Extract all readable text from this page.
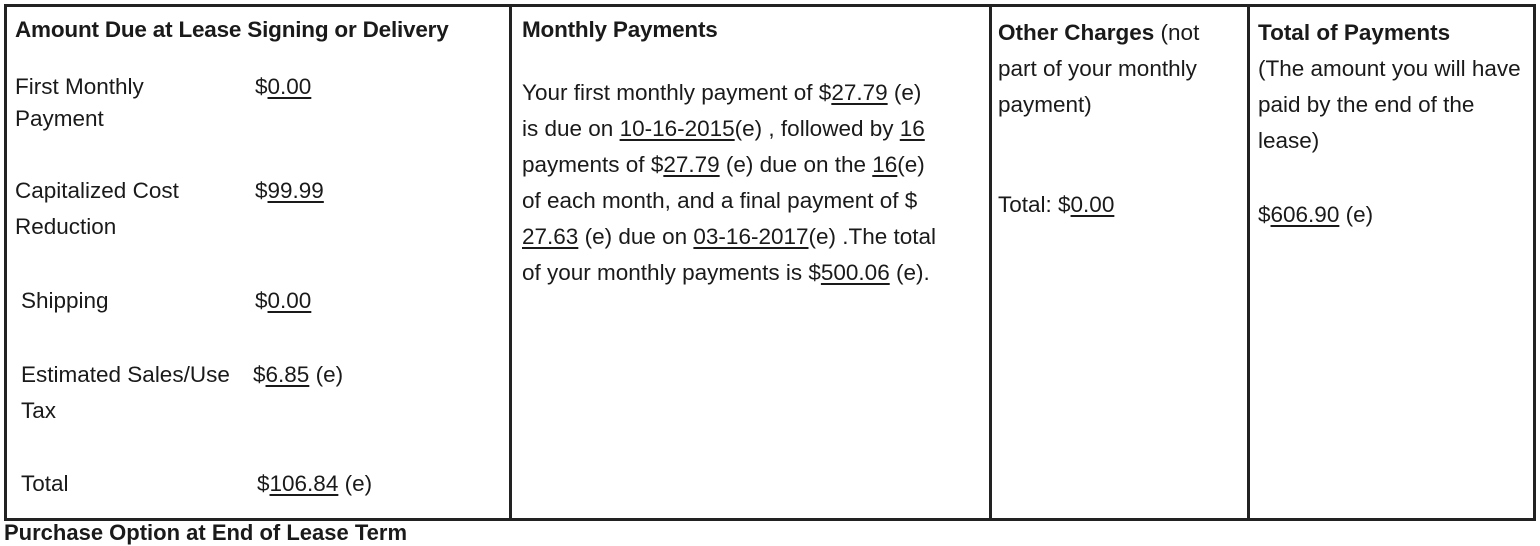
Amount Due at Lease Signing or Delivery
First Monthly Payment
$0.00
Capitalized Cost Reduction
$99.99
Shipping	$0.00
Estimated Sales/Use Tax
$6.85 (e)
Total	$106.84 (e)
Monthly Payments
Your first monthly payment of $27.79 (e)
is due on 10-16-2015(e) , followed by 16
payments of $27.79 (e) due on the 16(e)
of each month, and a final payment of $
27.63 (e) due on 03-16-2017(e) .The total
of your monthly payments is $500.06 (e).
Other Charges (not part of your monthly payment)
Total: $0.00
Total of Payments
(The amount you will have paid by the end of the lease)
$606.90 (e)
Purchase Option at End of Lease Term
